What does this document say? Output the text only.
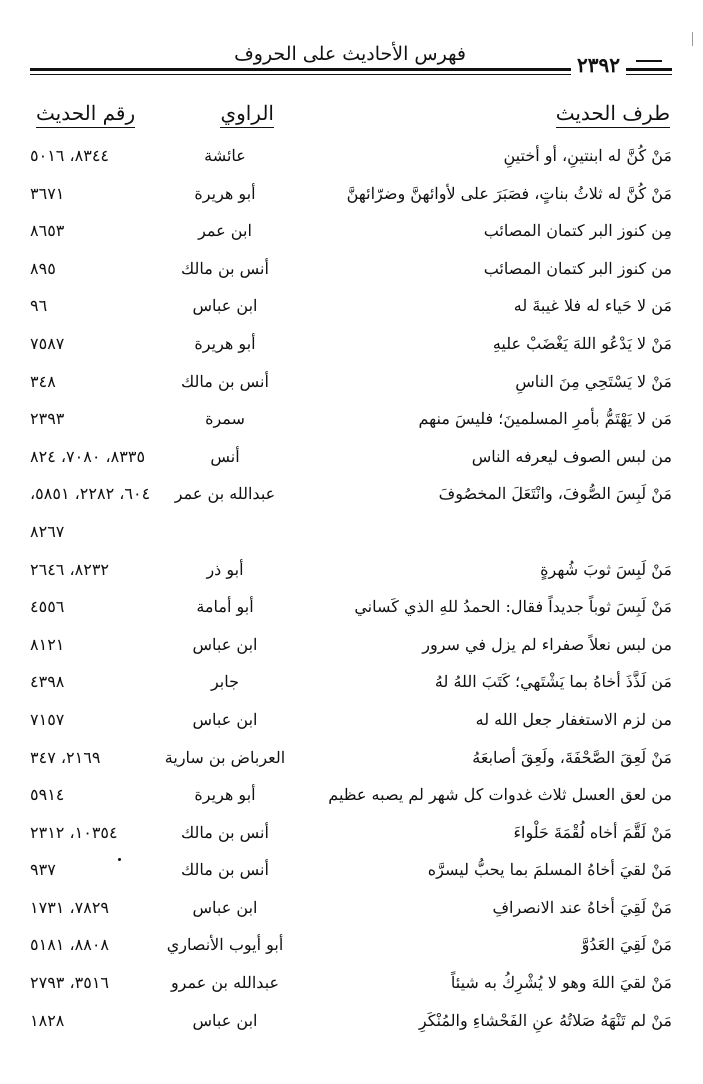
فهرس الأحاديث على الحروف	٢٣٩٢
طرف الحديث
الراوي
رقم الحديث
مَنْ كُنَّ له ابنتينِ، أو أختينِ
عائشة
٨٣٤٤، ٥٠١٦
مَنْ كُنَّ له ثلاثُ بناتٍ، فصَبَرَ على لأوائهنَّ وضرّائهنَّ
أبو هريرة
٣٦٧١
مِن كنوز البر كتمان المصائب
ابن عمر
٨٦٥٣
من كنوز البر كتمان المصائب
أنس بن مالك
٨٩٥
مَن لا حَياء له فلا غيبةَ له
ابن عباس
٩٦
مَنْ لا يَدْعُو اللهَ يَغْضَبْ عليهِ
أبو هريرة
٧٥٨٧
مَنْ لا يَسْتَحِي مِنَ الناسِ
أنس بن مالك
٣٤٨
مَن لا يَهْتَمُّ بأمرِ المسلمينَ؛ فليسَ منهم
سمرة
٢٣٩٣
من لبس الصوف ليعرفه الناس
أنس
٨٣٣٥، ٧٠٨٠، ٨٢٤
مَنْ لَبِسَ الصُّوفَ، وانْتَعَلَ المخصُوفَ
عبدالله بن عمر
٦٠٤، ٢٢٨٢، ٥٨٥١،
٨٢٦٧
مَنْ لَبِسَ ثوبَ شُهرةٍ
أبو ذر
٨٢٣٢، ٢٦٤٦
مَنْ لَبِسَ ثوباً جديداً فقال: الحمدُ للهِ الذي كَساني
أبو أمامة
٤٥٥٦
من لبس نعلاً صفراء لم يزل في سرور
ابن عباس
٨١٢١
مَن لَذَّذَ أخاهُ بما يَشْتَهي؛ كَتَبَ اللهُ لهُ
جابر
٤٣٩٨
من لزم الاستغفار جعل الله له
ابن عباس
٧١٥٧
مَنْ لَعِقَ الصَّحْفَةَ، ولَعِقَ أصابعَهُ
العرباض بن سارية
٢١٦٩، ٣٤٧
من لعق العسل ثلاث غدوات كل شهر لم يصبه عظيم
أبو هريرة
٥٩١٤
مَنْ لَقَّمَ أخاه لُقْمَةَ حَلْواءَ
أنس بن مالك
١٠٣٥٤، ٢٣١٢
مَنْ لقيَ أخاهُ المسلمَ بما يحبُّ ليسرَّه
أنس بن مالك
٩٣٧
مَنْ لَقِيَ أخاهُ عند الانصرافِ
ابن عباس
٧٨٢٩، ١٧٣١
مَنْ لَقِيَ العَدُوَّ
أبو أيوب الأنصاري
٨٨٠٨، ٥١٨١
مَنْ لقيَ اللهَ وهو لا يُشْرِكُ به شيئاً
عبدالله بن عمرو
٣٥١٦، ٢٧٩٣
مَنْ لم تَنْهَهُ صَلاتُهُ عنِ الفَحْشاءِ والمُنْكَرِ
ابن عباس
١٨٢٨
